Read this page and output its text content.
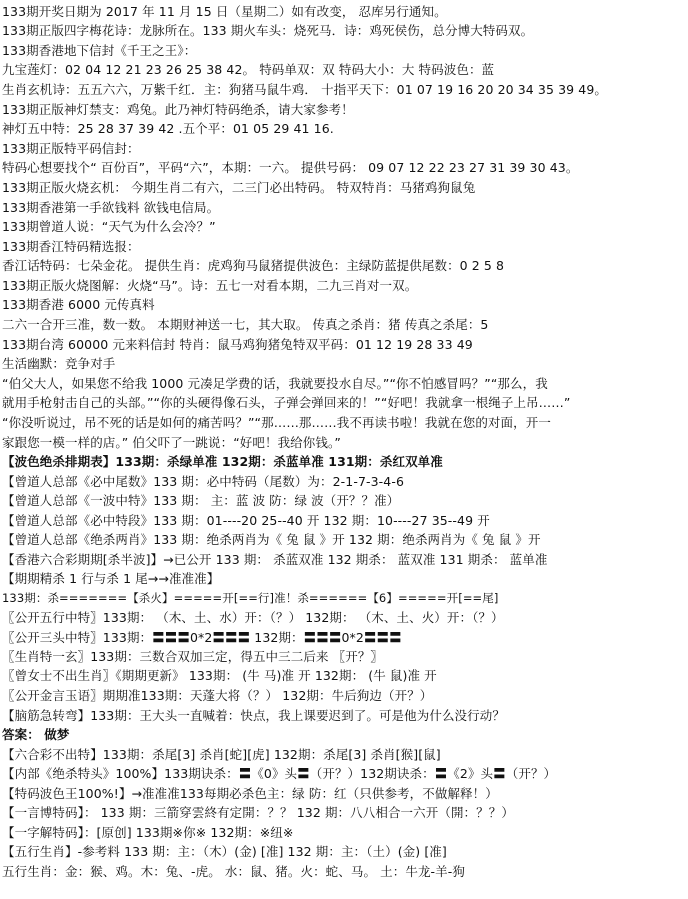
133期开奖日期为 2017 年 11 月 15 日（星期二）如有改变， 忍库另行通知。
133期正版四字梅花诗：龙脉所在。133 期火车头：烧死马．诗：鸡死侯伤，总分博大特码双。
133期香港地下信封《千王之王》：
九宝莲灯：02 04 12 21 23 26 25 38 42。 特码单双：双 特码大小：大 特码波色：蓝
生肖玄机诗：五五六六，万紫千红．主：狗猪马鼠牛鸡． 十指平天下：01 07 19 16 20 20 34 35 39 49。
133期正版神灯禁支：鸡兔。此乃神灯特码绝杀，请大家参考！
神灯五中特：25 28 37 39 42 .五个平：01 05 29 41 16.
133期正版特平码信封：
特码心想要找个“ 百份百”，平码“六”，本期：一六。 提供号码： 09 07 12 22 23 27 31 39 30 43。
133期正版火烧玄机： 今期生肖二有六，二三门必出特码。 特双特肖：马猪鸡狗鼠兔
133期香港第一手欲钱料 欲钱电信局。
133期曾道人说：“天气为什么会冷？”
133期香江特码精选报：
香江话特码：七朵金花。 提供生肖：虎鸡狗马鼠猪提供波色：主绿防蓝提供尾数：0 2 5 8
133期正版火烧图解：火烧“马”。诗：五七一对看本期，二九三肖对一双。
133期香港 6000 元传真料
二六一合开三准，数一数。 本期财神送一七，其大取。 传真之杀肖：猪 传真之杀尾：5
133期台湾 60000 元来料信封 特肖：鼠马鸡狗猪兔特双平码：01 12 19 28 33 49
生活幽默：竞争对手
“伯父大人，如果您不给我 1000 元凑足学费的话，我就要投水自尽。”“你不怕感冒吗？”“那么，我
就用手枪射击自己的头部。”“你的头硬得像石头，子弹会弹回来的！”“好吧！我就拿一根绳子上吊……”
“你没听说过，吊不死的话是如何的痛苦吗？”“那……那……我不再读书啦！我就在您的对面，开一
家跟您一模一样的店。” 伯父吓了一跳说：“好吧！我给你钱。”
【波色绝杀排期表】133期：杀绿单准 132期：杀蓝单准 131期：杀红双单准
【曾道人总部《必中尾数》133 期：必中特码（尾数）为：2-1-7-3-4-6
【曾道人总部《一波中特》133 期： 主：蓝 波 防：绿 波（开？？准）
【曾道人总部《必中特段》133 期：01----20 25--40 开 132 期：10----27 35--49 开
【曾道人总部《绝杀两肖》133 期：绝杀两肖为《 兔 鼠 》开 132 期：绝杀两肖为《 兔 鼠 》开
【香港六合彩期期[杀半波]】→已公开 133 期： 杀蓝双准 132 期杀： 蓝双准 131 期杀： 蓝单准
【期期精杀 1 行与杀 1 尾→→准准准】
133期：杀=======【杀火】=====开[==行]准！杀======【6】=====开[==尾]
〖公开五行中特〗133期： （木、土、水）开：（？） 132期： （木、土、火）开：（？）
〖公开三头中特〗133期：〓〓〓0*2〓〓〓 132期：〓〓〓0*2〓〓〓
〖生肖特一玄〗133期：三数合双加三定，得五中三二后来 〖开？〗
〖曾女士不出生肖〗《期期更新》 133期： (牛 马)准 开 132期： (牛 鼠)准 开
〖公开金言玉语〗期期准133期：天蓬大将（？） 132期：牛后狗边（开？）
【脑筋急转弯】133期：王大头一直喊着：快点，我上课要迟到了。可是他为什么没行动？
答案： 做梦
【六合彩不出特】133期：杀尾[3] 杀肖[蛇][虎] 132期：杀尾[3] 杀肖[猴][鼠]
【内部《绝杀特头》100%】133期诀杀：〓《0》头〓（开？）132期诀杀：〓《2》头〓（开？）
【特码波色王100%!】→准准准133每期必杀色主：绿 防：红（只供参考，不做解释！）
【一言博特码】： 133 期：三箭穿雲終有定開：？？ 132 期：八八相合一六开（開：？？）
【一字解特码】：[原创] 133期※你※ 132期：※纽※
【五行生肖】-参考料 133 期：主：（木）(金) [准] 132 期：主：（土）(金) [准]
五行生肖：金：猴、鸡。木：兔、-虎。 水：鼠、猪。火：蛇、马。 土：牛龙-羊-狗
